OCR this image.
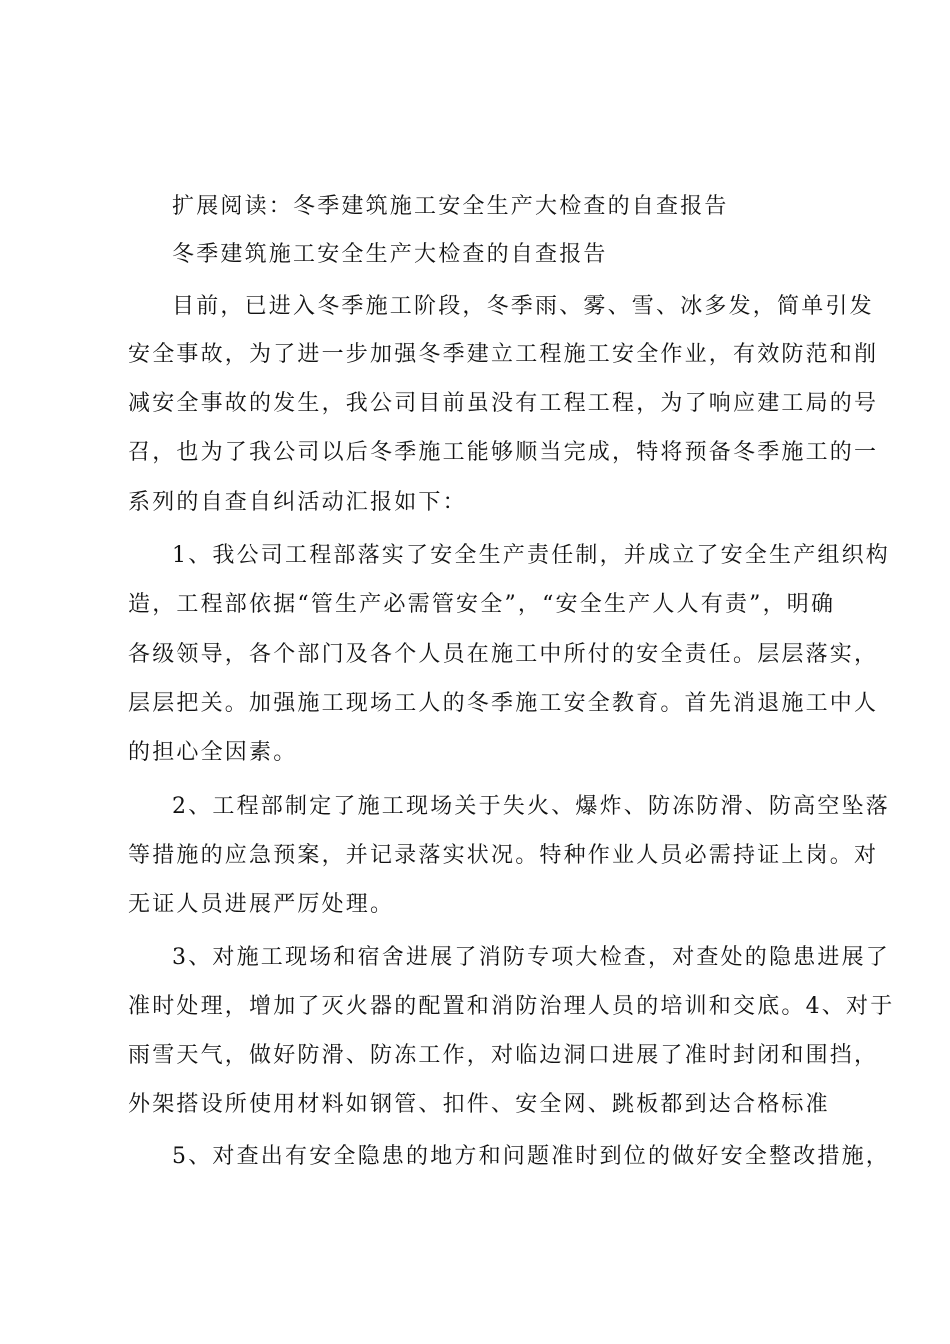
扩展阅读：冬季建筑施工安全生产大检查的自查报告
冬季建筑施工安全生产大检查的自查报告
目前，已进入冬季施工阶段，冬季雨、雾、雪、冰多发，简单引发
安全事故，为了进一步加强冬季建立工程施工安全作业，有效防范和削
减安全事故的发生，我公司目前虽没有工程工程，为了响应建工局的号
召，也为了我公司以后冬季施工能够顺当完成，特将预备冬季施工的一
系列的自查自纠活动汇报如下：
1、我公司工程部落实了安全生产责任制，并成立了安全生产组织构
造，工程部依据“管生产必需管安全”，“安全生产人人有责”，明确
各级领导，各个部门及各个人员在施工中所付的安全责任。层层落实，
层层把关。加强施工现场工人的冬季施工安全教育。首先消退施工中人
的担心全因素。
2、工程部制定了施工现场关于失火、爆炸、防冻防滑、防高空坠落
等措施的应急预案，并记录落实状况。特种作业人员必需持证上岗。对
无证人员进展严厉处理。
3、对施工现场和宿舍进展了消防专项大检查，对查处的隐患进展了
准时处理，增加了灭火器的配置和消防治理人员的培训和交底。4、对于
雨雪天气，做好防滑、防冻工作，对临边洞口进展了准时封闭和围挡，
外架搭设所使用材料如钢管、扣件、安全网、跳板都到达合格标准
5、对查出有安全隐患的地方和问题准时到位的做好安全整改措施，
